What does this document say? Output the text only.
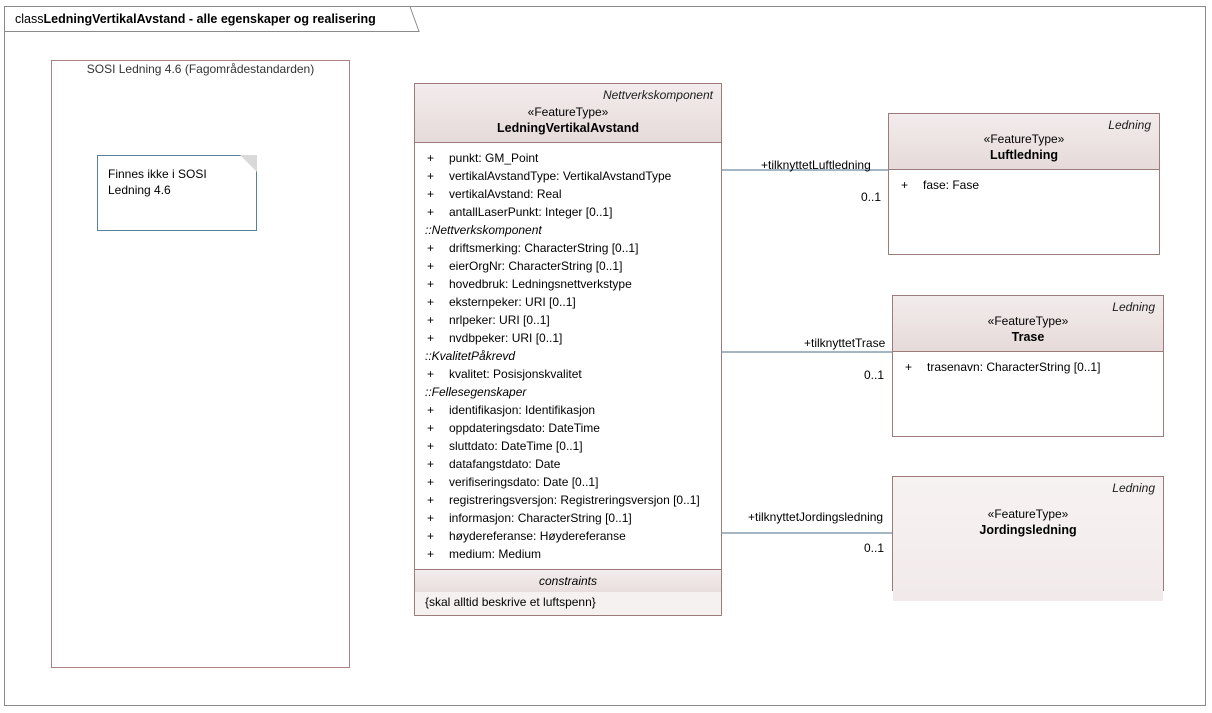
class LedningVertikalAvstand - alle egenskaper og realisering
+tilknyttetLuftledning
0..1
+tilknyttetTrase
0..1
+tilknyttetJordingsledning
0..1
SOSI Ledning 4.6 (Fagområdestandarden)
Finnes ikke i SOSI Ledning 4.6
Nettverkskomponent
«FeatureType»
LedningVertikalAvstand
+	punkt: GM_Point
+	vertikalAvstandType: VertikalAvstandType
+	vertikalAvstand: Real
+	antallLaserPunkt: Integer [0..1]
::Nettverkskomponent
+	driftsmerking: CharacterString [0..1]
+	eierOrgNr: CharacterString [0..1]
+	hovedbruk: Ledningsnettverkstype
+	eksternpeker: URI [0..1]
+	nrlpeker: URI [0..1]
+	nvdbpeker: URI [0..1]
::KvalitetPåkrevd
+	kvalitet: Posisjonskvalitet
::Fellesegenskaper
+	identifikasjon: Identifikasjon
+	oppdateringsdato: DateTime
+	sluttdato: DateTime [0..1]
+	datafangstdato: Date
+	verifiseringsdato: Date [0..1]
+	registreringsversjon: Registreringsversjon [0..1]
+	informasjon: CharacterString [0..1]
+	høydereferanse: Høydereferanse
+	medium: Medium
constraints
{skal alltid beskrive et luftspenn}
Ledning
«FeatureType»
Luftledning
+	fase: Fase
Ledning
«FeatureType»
Trase
+	trasenavn: CharacterString [0..1]
Ledning
«FeatureType»
Jordingsledning
